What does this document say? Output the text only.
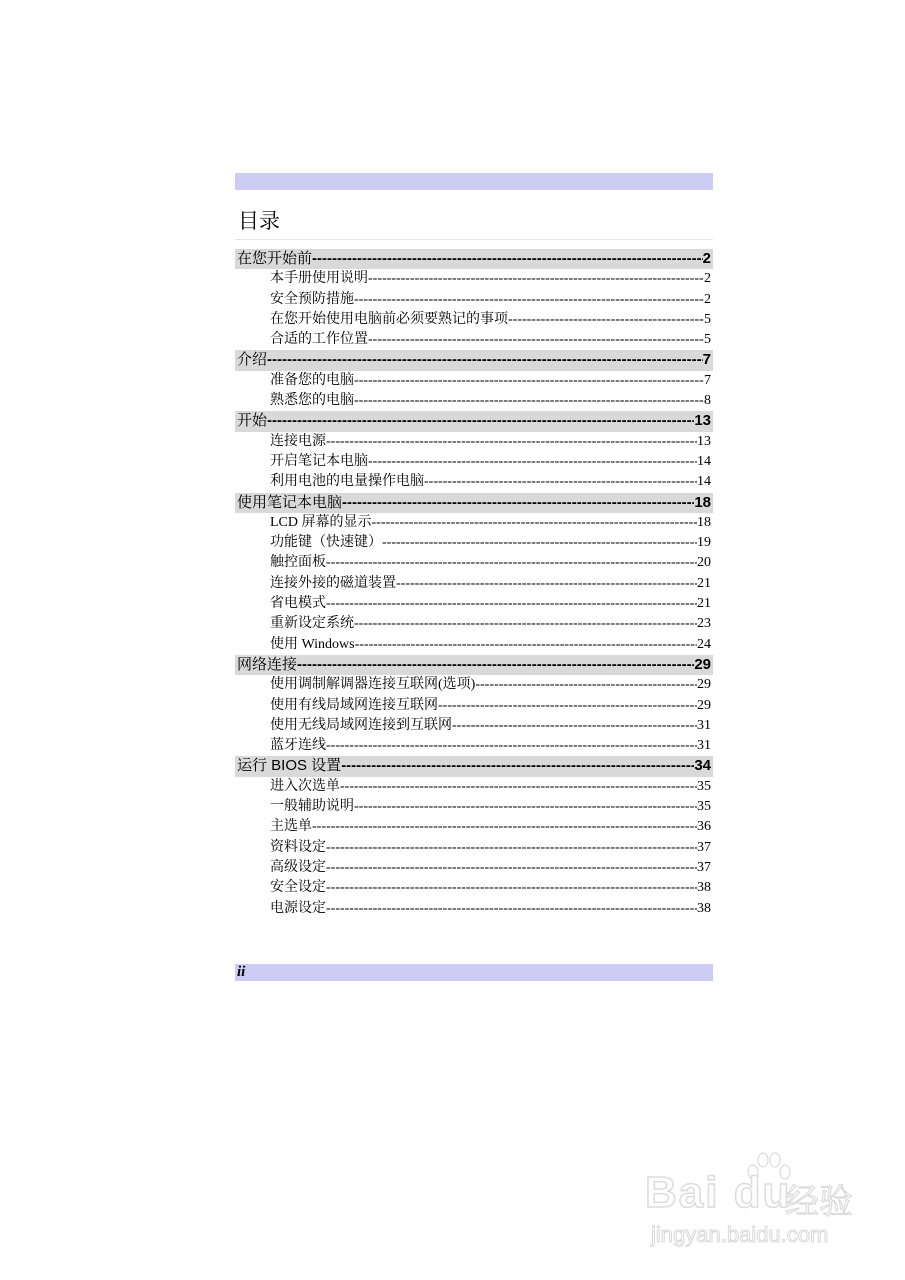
目录
在您开始前 -----	2
本手册使用说明 -----	2
安全预防措施 -----	2
在您开始使用电脑前必须要熟记的事项 -----	5
合适的工作位置 -----	5
介绍 -----	7
准备您的电脑 -----	7
熟悉您的电脑 -----	8
开始 -----	13
连接电源 -----	13
开启笔记本电脑 -----	14
利用电池的电量操作电脑 -----	14
使用笔记本电脑 -----	18
LCD 屏幕的显示 -----	18
功能键（快速键） -----	19
触控面板 -----	20
连接外接的磁道装置 -----	21
省电模式 -----	21
重新设定系统 -----	23
使用 Windows -----	24
网络连接 -----	29
使用调制解调器连接互联网(选项) -----	29
使用有线局域网连接互联网 -----	29
使用无线局域网连接到互联网 -----	31
蓝牙连线 -----	31
运行 BIOS 设置 -----	34
进入次选单 -----	35
一般辅助说明 -----	35
主选单 -----	36
资料设定 -----	37
高级设定 -----	37
安全设定 -----	38
电源设定 -----	38
ii
Bai du
经验
jingyan.baidu.com
